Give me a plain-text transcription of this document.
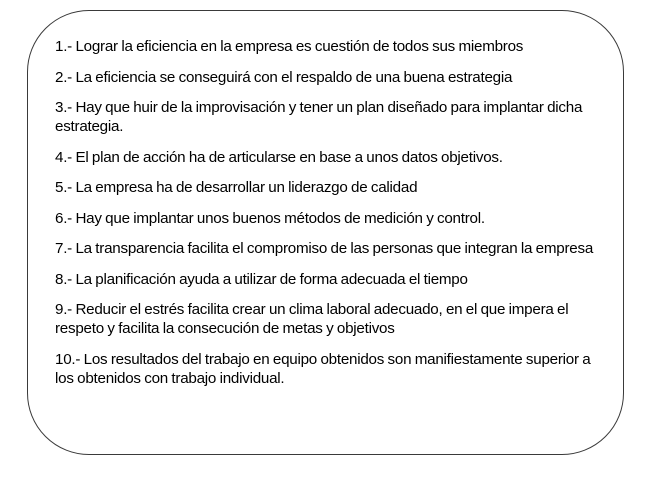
1.- Lograr la eficiencia en la empresa es cuestión de todos sus miembros
2.- La eficiencia se conseguirá con el respaldo de una buena estrategia
3.- Hay que huir de la improvisación y tener un plan diseñado para implantar dicha estrategia.
4.- El plan de acción ha de articularse en base a unos datos objetivos.
5.- La empresa ha de desarrollar un liderazgo de calidad
6.- Hay que implantar unos buenos métodos de medición y control.
7.- La transparencia facilita el compromiso de las personas que integran la empresa
8.- La planificación ayuda a utilizar de forma adecuada el tiempo
9.- Reducir el estrés facilita crear un clima laboral adecuado, en el que impera el respeto y facilita la consecución de metas y objetivos
10.- Los resultados del trabajo en equipo obtenidos son manifiestamente superior a los obtenidos con trabajo individual.
